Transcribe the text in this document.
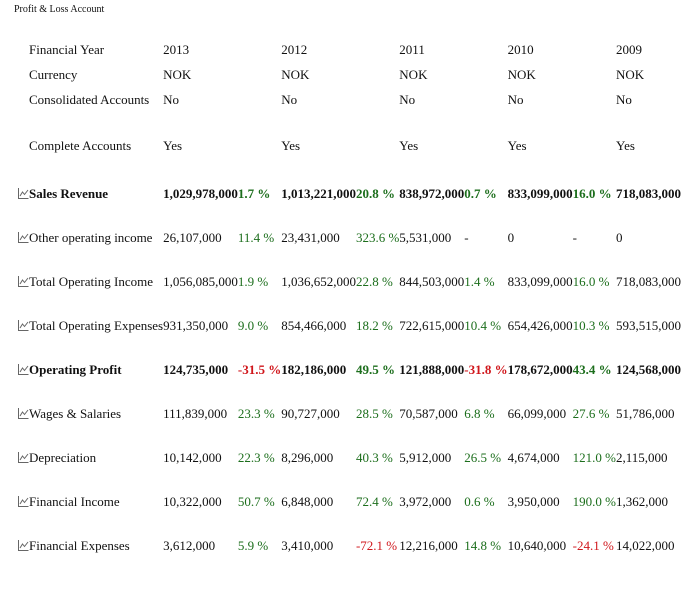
Profit & Loss Account
	Financial Year	2013		2012		2011		2010		2009
	Currency	NOK		NOK		NOK		NOK		NOK
	Consolidated Accounts	No		No		No		No		No
	Complete Accounts	Yes		Yes		Yes		Yes		Yes
	Sales Revenue	1,029,978,000	1.7 %	1,013,221,000	20.8 %	838,972,000	0.7 %	833,099,000	16.0 %	718,083,000
	Other operating income	26,107,000	11.4 %	23,431,000	323.6 %	5,531,000	-	0	-	0
	Total Operating Income	1,056,085,000	1.9 %	1,036,652,000	22.8 %	844,503,000	1.4 %	833,099,000	16.0 %	718,083,000
	Total Operating Expenses	931,350,000	9.0 %	854,466,000	18.2 %	722,615,000	10.4 %	654,426,000	10.3 %	593,515,000
	Operating Profit	124,735,000	-31.5 %	182,186,000	49.5 %	121,888,000	-31.8 %	178,672,000	43.4 %	124,568,000
	Wages & Salaries	111,839,000	23.3 %	90,727,000	28.5 %	70,587,000	6.8 %	66,099,000	27.6 %	51,786,000
	Depreciation	10,142,000	22.3 %	8,296,000	40.3 %	5,912,000	26.5 %	4,674,000	121.0 %	2,115,000
	Financial Income	10,322,000	50.7 %	6,848,000	72.4 %	3,972,000	0.6 %	3,950,000	190.0 %	1,362,000
	Financial Expenses	3,612,000	5.9 %	3,410,000	-72.1 %	12,216,000	14.8 %	10,640,000	-24.1 %	14,022,000
